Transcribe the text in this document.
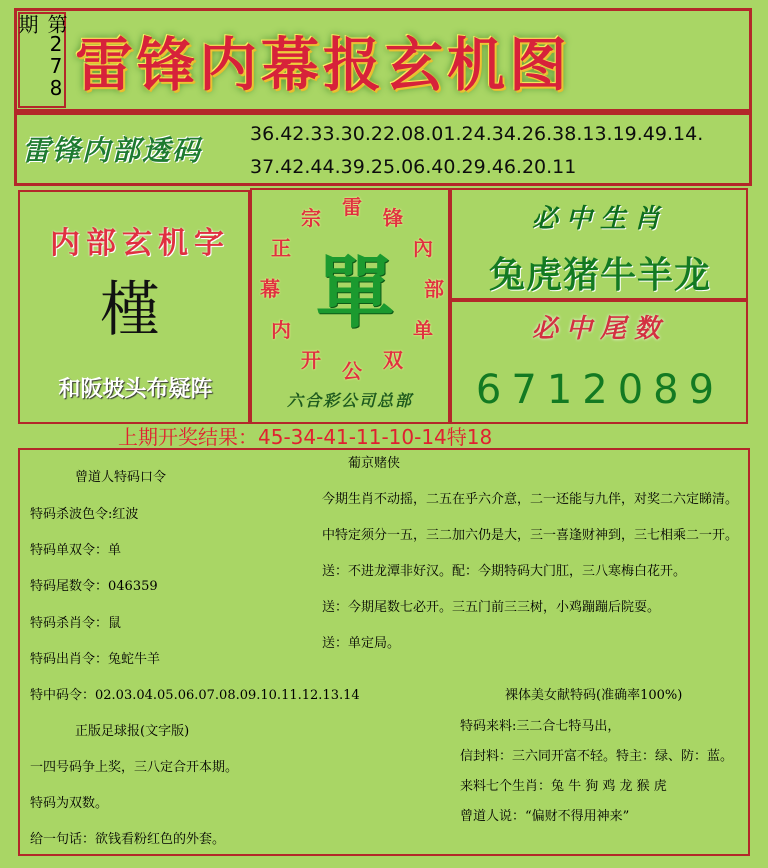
第278期
雷锋内幕报玄机图
雷锋内部透码	36.42.33.30.22.08.01.24.34.26.38.13.19.49.14.
37.42.44.39.25.06.40.29.46.20.11
内部玄机字
槿
和阪坡头布疑阵
雷 锋
內
部
单
双
公
开
内
幕
正
宗
單
六合彩公司总部
必中生肖
兔虎猪牛羊龙
必中尾数
6712089
上期开奖结果：45-34-41-11-10-14特18
曾道人特码口令
特码杀波色令:红波
特码单双令：单
特码尾数令：046359
特码杀肖令：鼠
特码出肖令：兔蛇牛羊
特中码令：02.03.04.05.06.07.08.09.10.11.12.13.14
正版足球报(文字版)
一四号码争上奖，三八定合开本期。
特码为双数。
给一句话：欲钱看粉红色的外套。
葡京赌侠
今期生肖不动摇，二五在乎六介意，二一还能与九伴，对奖二六定睇清。
中特定须分一五，三二加六仍是大，三一喜逢财神到，三七相乘二一开。
送：不进龙潭非好汉。配：今期特码大门肛，三八寒梅白花开。
送：今期尾数七必开。三五门前三三树，小鸡蹦蹦后院耍。
送：单定局。
裸体美女献特码(准确率100%)
特码来料:三二合七特马出，
信封料：三六同开富不轻。特主：绿、防：蓝。
来料七个生肖：兔 牛 狗 鸡 龙 猴 虎
曾道人说：“偏财不得用神来”
